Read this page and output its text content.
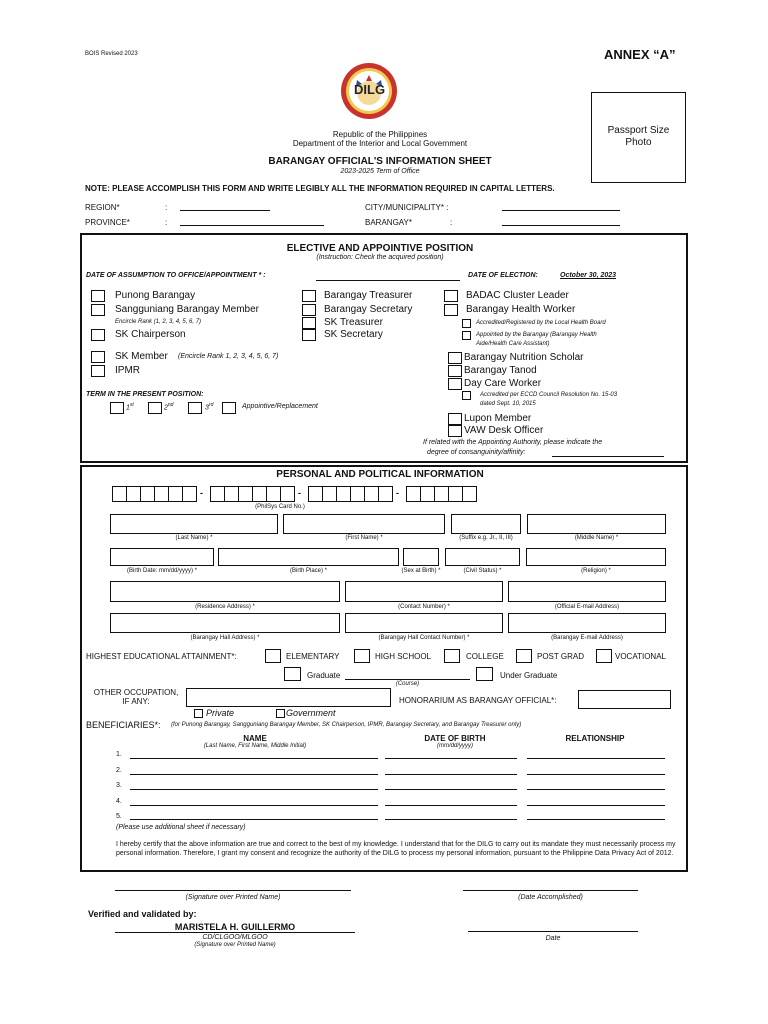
BOIS Revised 2023	ANNEX “A”
DILG
Republic of the Philippines
Department of the Interior and Local Government
BARANGAY OFFICIAL'S INFORMATION SHEET
2023-2025 Term of Office
Passport Size
Photo
NOTE: PLEASE ACCOMPLISH THIS FORM AND WRITE LEGIBLY ALL THE INFORMATION REQUIRED IN CAPITAL LETTERS.
REGION*	:
PROVINCE*	:
CITY/MUNICIPALITY* :
BARANGAY*	:
ELECTIVE AND APPOINTIVE POSITION
(Instruction: Check the acquired position)
DATE OF ASSUMPTION TO OFFICE/APPOINTMENT * :	DATE OF ELECTION:	October 30, 2023
Punong Barangay
Sangguniang Barangay Member
Encircle Rank (1, 2, 3, 4, 5, 6, 7)
SK Chairperson
SK Member (Encircle Rank 1, 2, 3, 4, 5, 6, 7)
IPMR
Barangay Treasurer
Barangay Secretary
SK Treasurer
SK Secretary
BADAC Cluster Leader
Barangay Health Worker
Accredited/Registered by the Local Health Board
Appointed by the Barangay (Barangay Health
Aide/Health Care Assistant)
Barangay Nutrition Scholar
Barangay Tanod
Day Care Worker
Accredited per ECCD Council Resolution No. 15-03
dated Sept. 10, 2015
Lupon Member
VAW Desk Officer
If related with the Appointing Authority, please indicate the
degree of consanguinity/affinity:
TERM IN THE PRESENT POSITION:
1st	2nd	3rd	Appointive/Replacement
PERSONAL AND POLITICAL INFORMATION
-	-	-
(PhilSys Card No.)
(Last Name) *	(First Name) *	(Suffix e.g. Jr., II, III)	(Middle Name) *
(Birth Date: mm/dd/yyyy) *	(Birth Place) *	(Sex at Birth) *	(Civil Status) *	(Religion) *
(Residence Address) *	(Contact Number) *	(Official E-mail Address)
(Barangay Hall Address) *	(Barangay Hall Contact Number) *	(Barangay E-mail Address)
HIGHEST EDUCATIONAL ATTAINMENT*:	ELEMENTARY	HIGH SCHOOL	COLLEGE	POST GRAD	VOCATIONAL
Graduate
(Course)
Under Graduate
OTHER OCCUPATION,
IF ANY:	HONORARIUM AS BARANGAY OFFICIAL*:
Private	Government
BENEFICIARIES*: (for Punong Barangay, Sangguniang Barangay Member, SK Chairperson, IPMR, Barangay Secretary, and Barangay Treasurer only)
NAME
(Last Name, First Name, Middle Initial)
DATE OF BIRTH
(mm/dd/yyyy)
RELATIONSHIP
1.
2.
3.
4.
5.
(Please use additional sheet if necessary)
I hereby certify that the above information are true and correct to the best of my knowledge. I understand that for the DILG to carry out its mandate they must necessarily process my personal information. Therefore, I grant my consent and recognize the authority of the DILG to process my personal information, pursuant to the Philippine Data Privacy Act of 2012.
(Signature over Printed Name)	(Date Accomplished)
Verified and validated by:
MARISTELA H. GUILLERMO
CD/CLGOO/MLGOO
(Signature over Printed Name)
Date
